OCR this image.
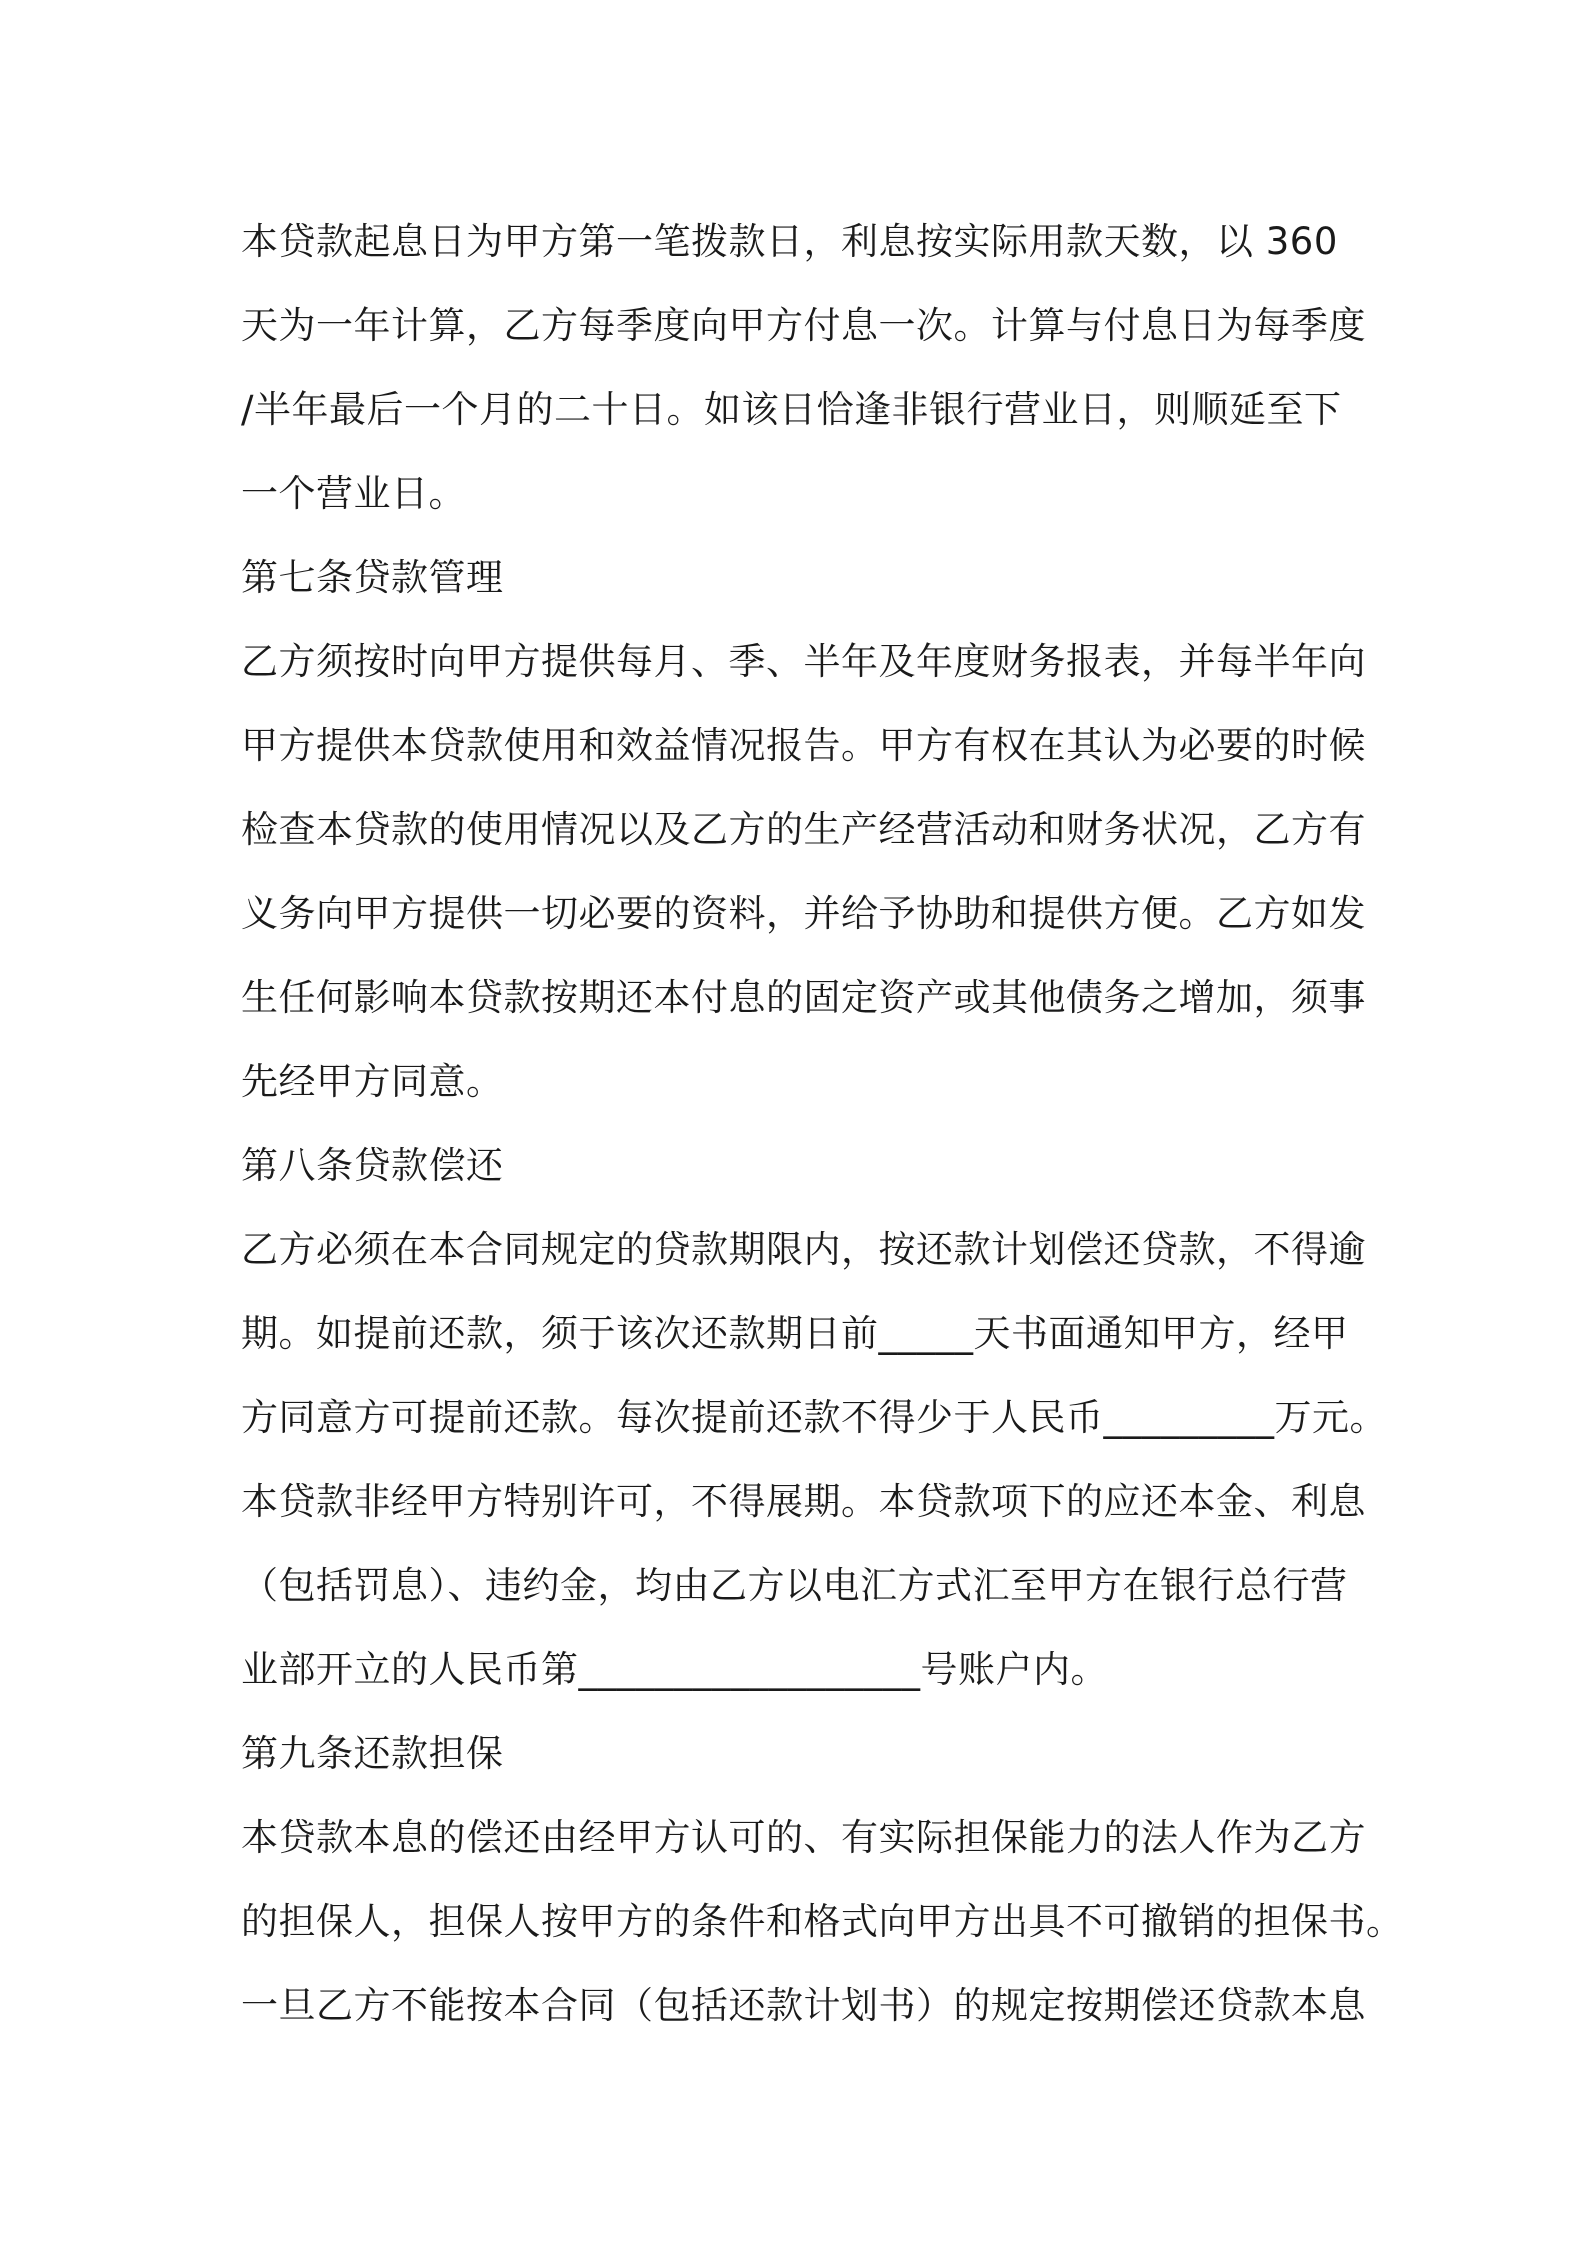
本贷款起息日为甲方第一笔拨款日，利息按实际用款天数，以 360
天为一年计算，乙方每季度向甲方付息一次。计算与付息日为每季度
/半年最后一个月的二十日。如该日恰逢非银行营业日，则顺延至下
一个营业日。
第七条贷款管理
乙方须按时向甲方提供每月、季、半年及年度财务报表，并每半年向
甲方提供本贷款使用和效益情况报告。甲方有权在其认为必要的时候
检查本贷款的使用情况以及乙方的生产经营活动和财务状况，乙方有
义务向甲方提供一切必要的资料，并给予协助和提供方便。乙方如发
生任何影响本贷款按期还本付息的固定资产或其他债务之增加，须事
先经甲方同意。
第八条贷款偿还
乙方必须在本合同规定的贷款期限内，按还款计划偿还贷款，不得逾
期。如提前还款，须于该次还款期日前_____天书面通知甲方，经甲
方同意方可提前还款。每次提前还款不得少于人民币_________万元。
本贷款非经甲方特别许可，不得展期。本贷款项下的应还本金、利息
（包括罚息）、违约金，均由乙方以电汇方式汇至甲方在银行总行营
业部开立的人民币第__________________号账户内。
第九条还款担保
本贷款本息的偿还由经甲方认可的、有实际担保能力的法人作为乙方
的担保人，担保人按甲方的条件和格式向甲方出具不可撤销的担保书。
一旦乙方不能按本合同（包括还款计划书）的规定按期偿还贷款本息
